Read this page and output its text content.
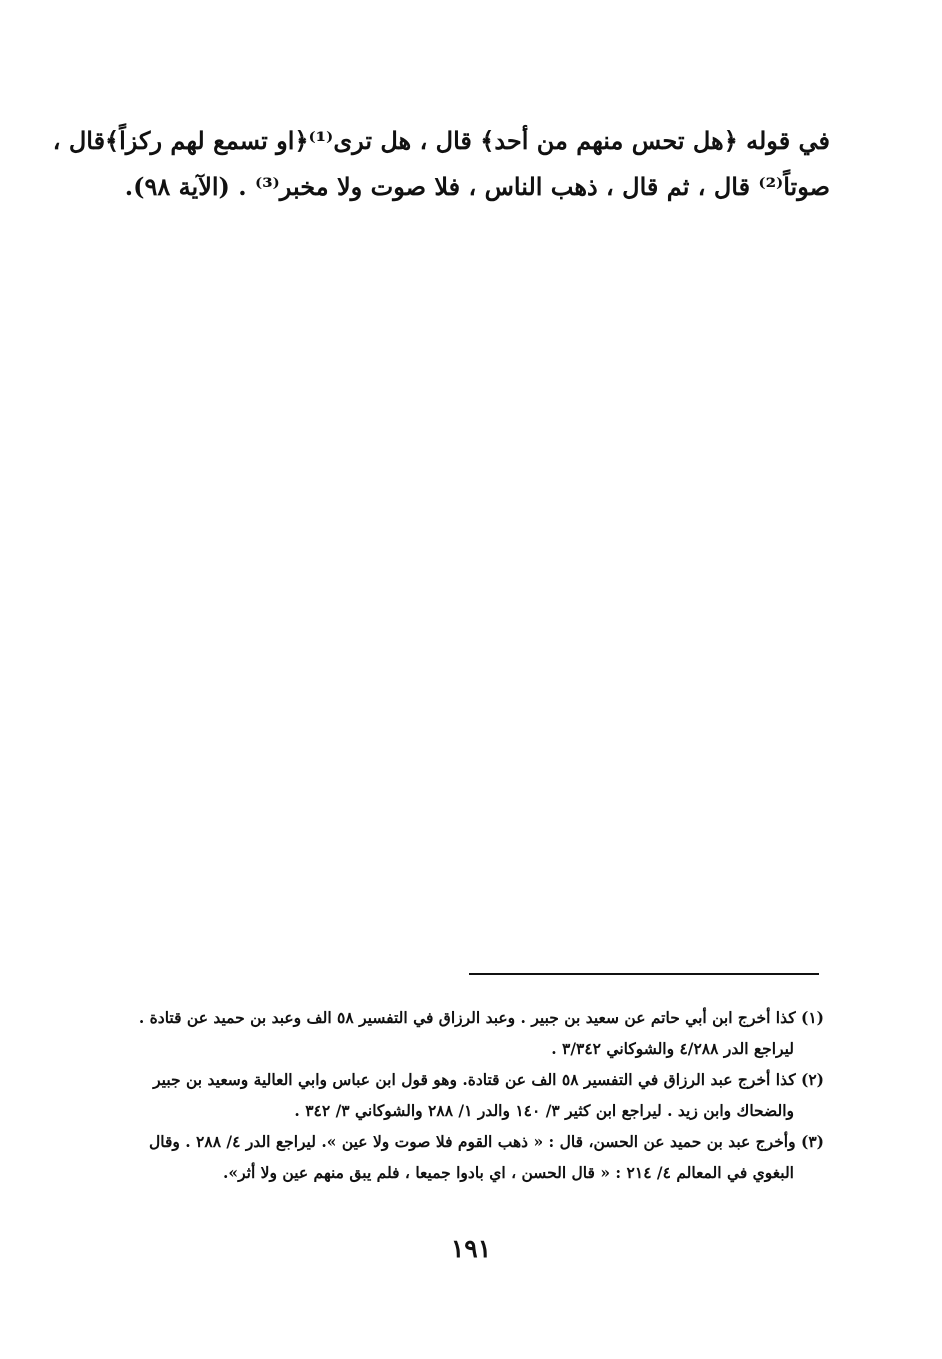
في قوله ﴿هل تحس منهم من أحد﴾ قال ، هل ترى⁽¹⁾﴿او تسمع لهم ركزاً﴾قال ،
صوتاً⁽²⁾ قال ، ثم قال ، ذهب الناس ، فلا صوت ولا مخبر⁽³⁾ . (الآية ٩٨).
(١) كذا أخرج ابن أبي حاتم عن سعيد بن جبير . وعبد الرزاق في التفسير ٥٨ الف وعبد بن حميد عن قتادة .
ليراجع الدر ٤/٢٨٨ والشوكاني ٣/٣٤٢ .
(٢) كذا أخرج عبد الرزاق في التفسير ٥٨ الف عن قتادة. وهو قول ابن عباس وابي العالية وسعيد بن جبير
والضحاك وابن زيد . ليراجع ابن كثير ٣/ ١٤٠ والدر ١/ ٢٨٨ والشوكاني ٣/ ٣٤٢ .
(٣) وأخرج عبد بن حميد عن الحسن، قال : « ذهب القوم فلا صوت ولا عين ». ليراجع الدر ٤/ ٢٨٨ . وقال
البغوي في المعالم ٤/ ٢١٤ : « قال الحسن ، اي بادوا جميعا ، فلم يبق منهم عين ولا أثر».
١٩١
